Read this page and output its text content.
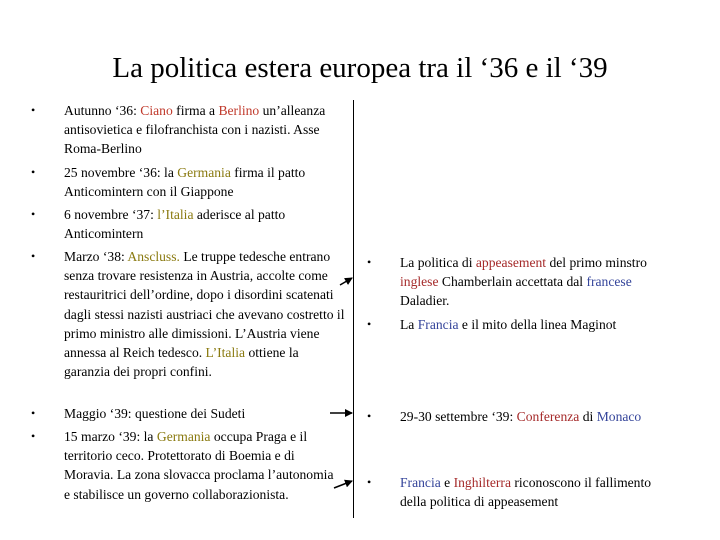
La politica estera europea tra il ‘36 e il ‘39
• Autunno ‘36: Ciano firma a Berlino un’alleanza antisovietica e filofranchista con i nazisti. Asse Roma-Berlino
• 25 novembre ‘36: la Germania firma il patto Anticomintern con il Giappone
• 6 novembre ‘37: l’Italia aderisce al patto Anticomintern
• Marzo ‘38: Anscluss. Le truppe tedesche entrano senza trovare resistenza in Austria, accolte come restauritrici dell’ordine, dopo i disordini scatenati dagli stessi nazisti austriaci che avevano costretto il primo ministro alle dimissioni. L’Austria viene annessa al Reich tedesco. L’Italia ottiene la garanzia dei propri confini.
• Maggio ‘39: questione dei Sudeti
• 15 marzo ‘39: la Germania occupa Praga e il territorio ceco. Protettorato di Boemia e di Moravia. La zona slovacca proclama l’autonomia e stabilisce un governo collaborazionista.
• La politica di appeasement del primo minstro inglese Chamberlain accettata dal francese Daladier.
• La Francia e il mito della linea Maginot
• 29-30 settembre ‘39: Conferenza di Monaco
• Francia e Inghilterra riconoscono il fallimento della politica di appeasement
